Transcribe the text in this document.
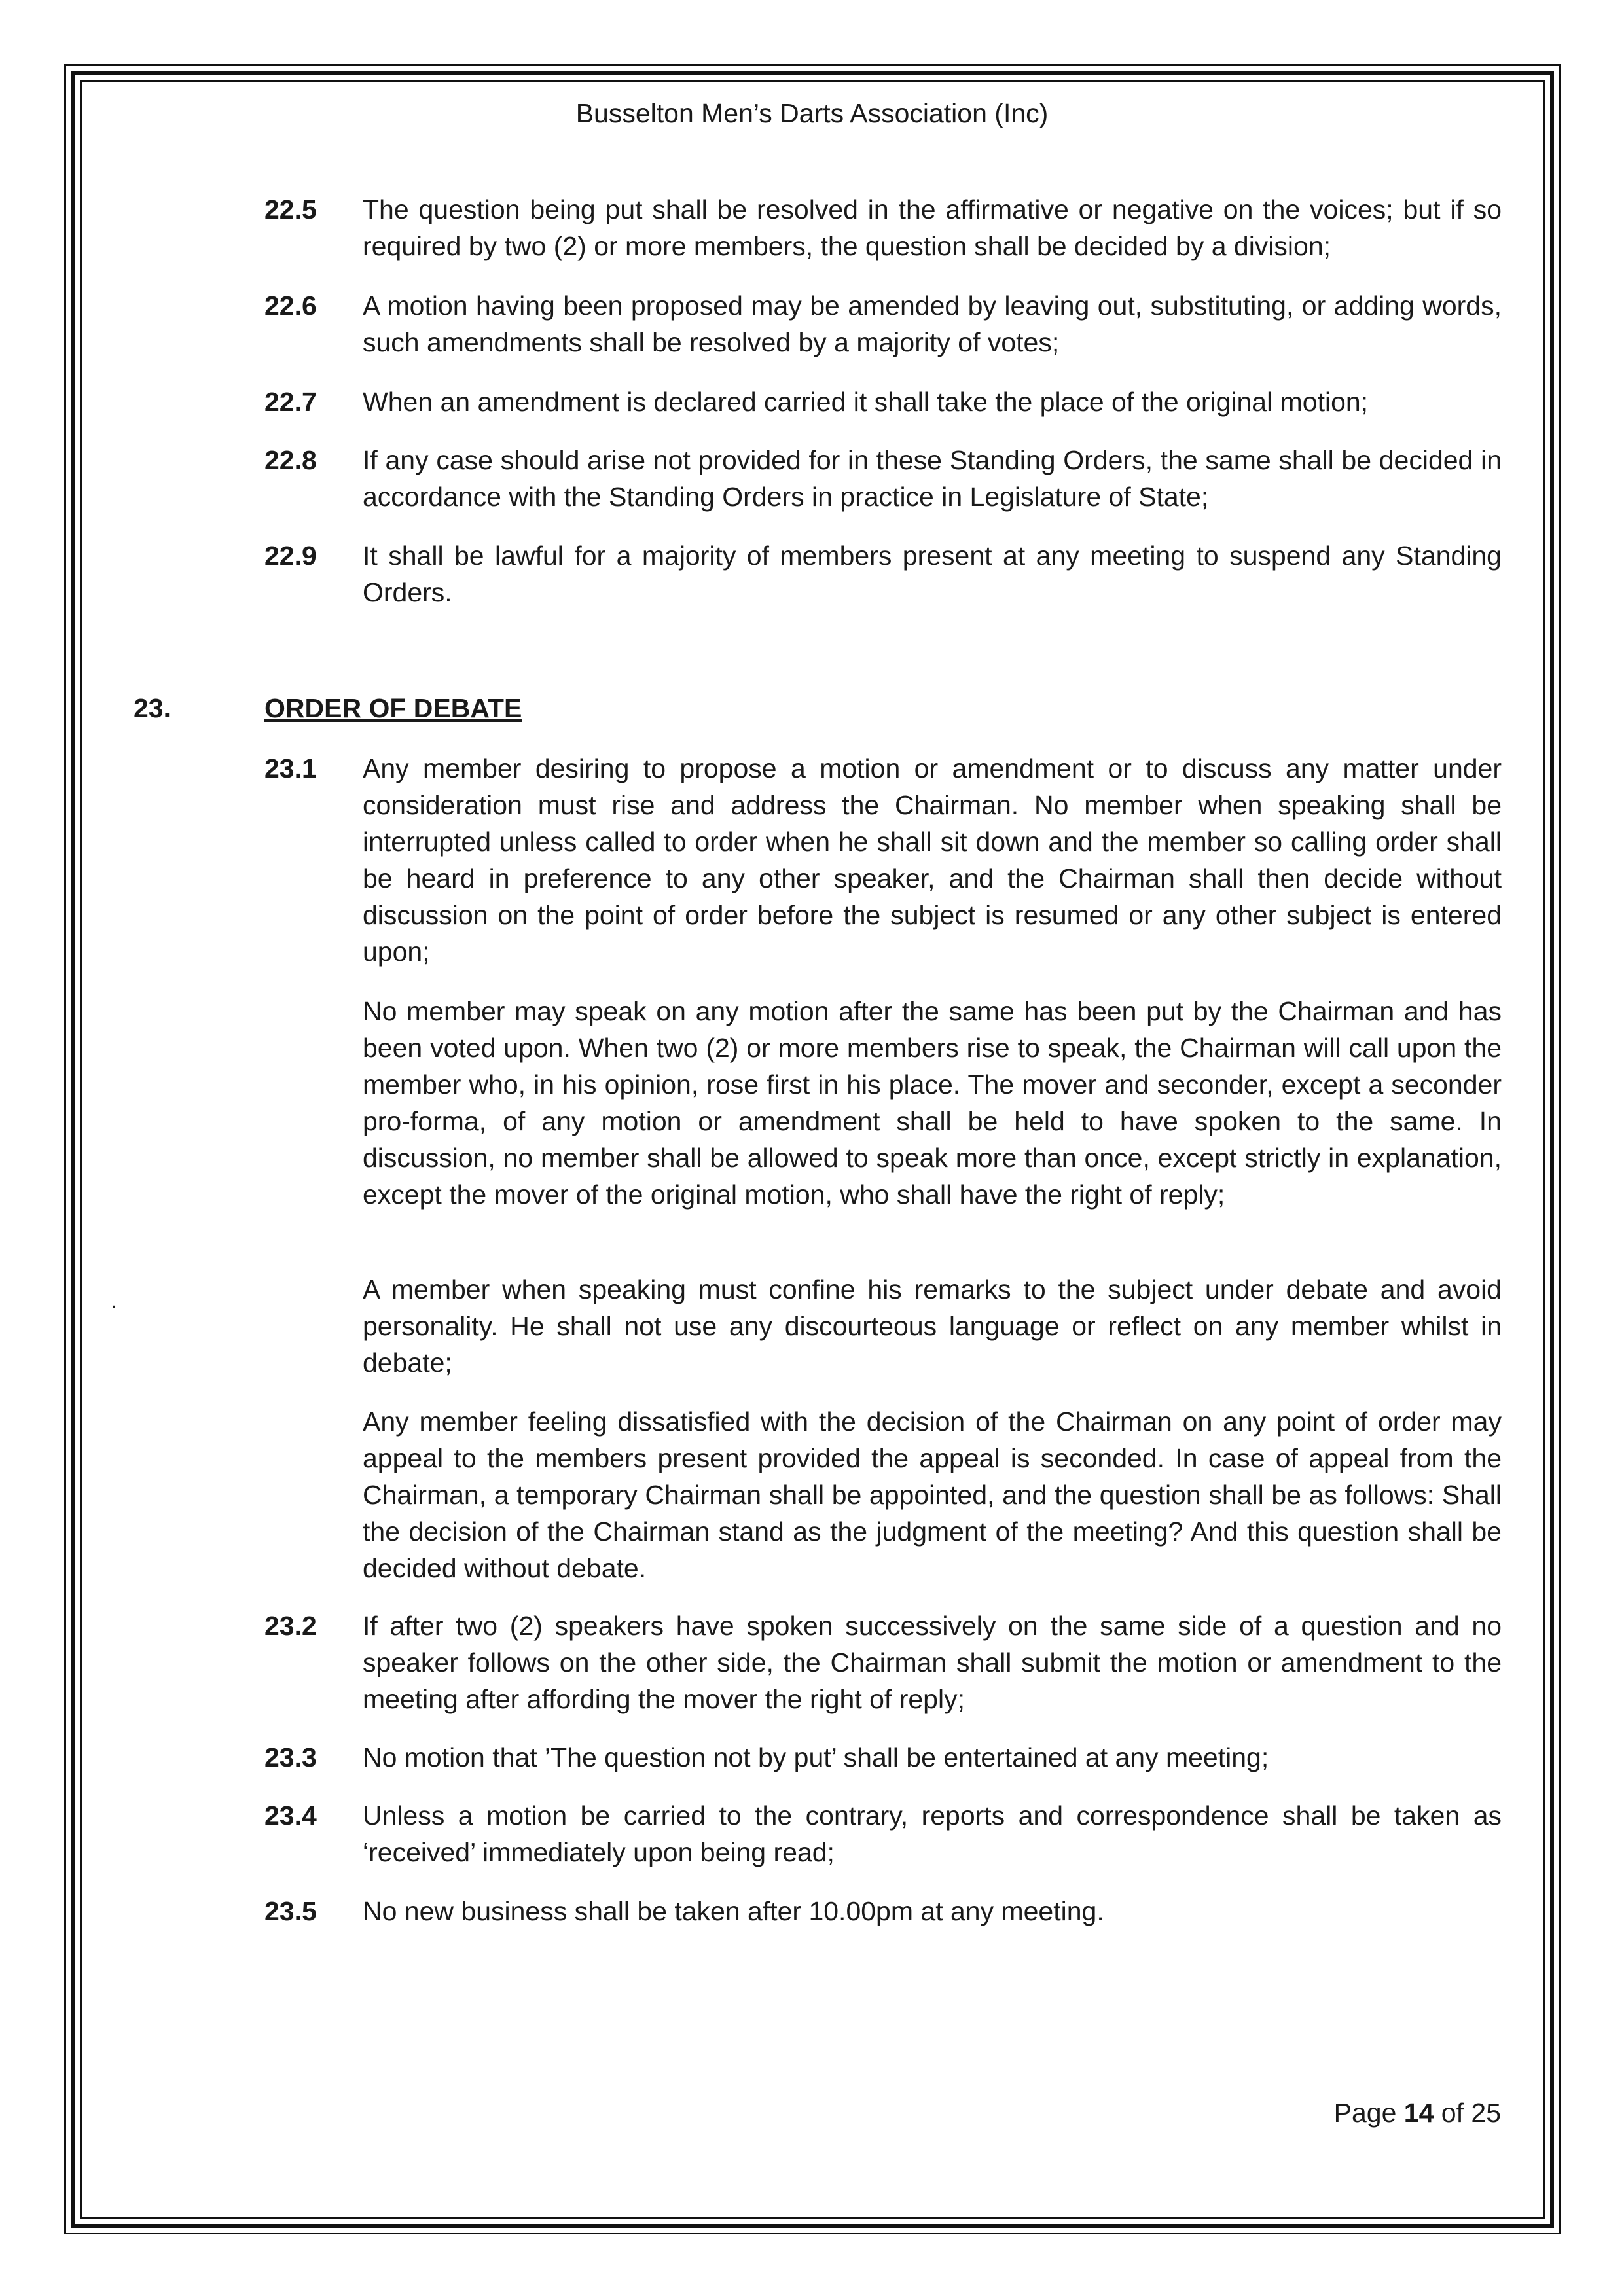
Busselton Men’s Darts Association (Inc)
22.5 The question being put shall be resolved in the affirmative or negative on the voices; but if so required by two (2) or more members, the question shall be decided by a division;
22.6 A motion having been proposed may be amended by leaving out, substituting, or adding words, such amendments shall be resolved by a majority of votes;
22.7 When an amendment is declared carried it shall take the place of the original motion;
22.8 If any case should arise not provided for in these Standing Orders, the same shall be decided in accordance with the Standing Orders in practice in Legislature of State;
22.9 It shall be lawful for a majority of members present at any meeting to suspend any Standing Orders.
23.	ORDER OF DEBATE
23.1 Any member desiring to propose a motion or amendment or to discuss any matter under consideration must rise and address the Chairman. No member when speaking shall be interrupted unless called to order when he shall sit down and the member so calling order shall be heard in preference to any other speaker, and the Chairman shall then decide without discussion on the point of order before the subject is resumed or any other subject is entered upon;
No member may speak on any motion after the same has been put by the Chairman and has been voted upon. When two (2) or more members rise to speak, the Chairman will call upon the member who, in his opinion, rose first in his place. The mover and seconder, except a seconder pro-forma, of any motion or amendment shall be held to have spoken to the same. In discussion, no member shall be allowed to speak more than once, except strictly in explanation, except the mover of the original motion, who shall have the right of reply;
A member when speaking must confine his remarks to the subject under debate and avoid personality. He shall not use any discourteous language or reflect on any member whilst in debate;
Any member feeling dissatisfied with the decision of the Chairman on any point of order may appeal to the members present provided the appeal is seconded. In case of appeal from the Chairman, a temporary Chairman shall be appointed, and the question shall be as follows: Shall the decision of the Chairman stand as the judgment of the meeting? And this question shall be decided without debate.
23.2 If after two (2) speakers have spoken successively on the same side of a question and no speaker follows on the other side, the Chairman shall submit the motion or amendment to the meeting after affording the mover the right of reply;
23.3 No motion that ’The question not by put’ shall be entertained at any meeting;
23.4 Unless a motion be carried to the contrary, reports and correspondence shall be taken as ‘received’ immediately upon being read;
23.5 No new business shall be taken after 10.00pm at any meeting.
.
Page 14 of 25
